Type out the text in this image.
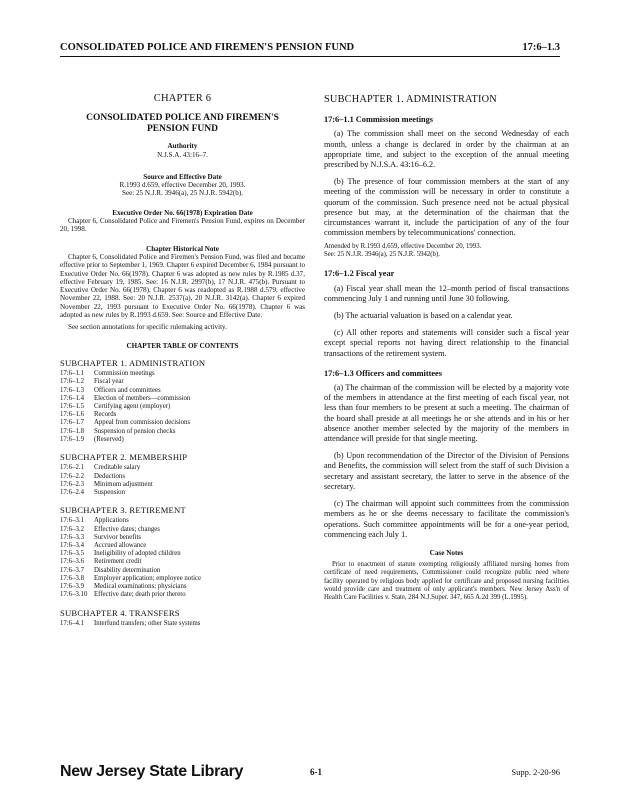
CONSOLIDATED POLICE AND FIREMEN'S PENSION FUND	17:6–1.3
CHAPTER 6
CONSOLIDATED POLICE AND FIREMEN'S
PENSION FUND
Authority
N.J.S.A. 43:16–7.
Source and Effective Date
R.1993 d.659, effective December 20, 1993.
See: 25 N.J.R. 3946(a), 25 N.J.R. 5942(b).
Executive Order No. 66(1978) Expiration Date

Chapter 6, Consolidated Police and Firemen's Pension Fund, expires on December 20, 1998.

Chapter Historical Note

Chapter 6, Consolidated Police and Firemen's Pension Fund, was filed and became effective prior to September 1, 1969. Chapter 6 expired December 6, 1984 pursuant to Executive Order No. 66(1978). Chapter 6 was adopted as new rules by R.1985 d.37, effective February 19, 1985. See: 16 N.J.R. 2997(b), 17 N.J.R. 475(b). Pursuant to Executive Order No. 66(1978), Chapter 6 was readopted as R.1988 d.579, effective November 22, 1988. See: 20 N.J.R. 2537(a), 20 N.J.R. 3142(a). Chapter 6 expired November 22, 1993 pursuant to Executive Order No. 66(1978). Chapter 6 was adopted as new rules by R.1993 d.659. See: Source and Effective Date.

See section annotations for specific rulemaking activity.

CHAPTER TABLE OF CONTENTS
SUBCHAPTER 1. ADMINISTRATION
17:6–1.1	Commission meetings
17:6–1.2	Fiscal year
17:6–1.3	Officers and committees
17:6–1.4	Election of members—commission
17:6–1.5	Certifying agent (employer)
17:6–1.6	Records
17:6–1.7	Appeal from commission decisions
17:6–1.8	Suspension of pension checks
17:6–1.9	(Reserved)
SUBCHAPTER 2. MEMBERSHIP
17:6–2.1	Creditable salary
17:6–2.2	Deductions
17:6–2.3	Minimum adjustment
17:6–2.4	Suspension
SUBCHAPTER 3. RETIREMENT
17:6–3.1	Applications
17:6–3.2	Effective dates; changes
17:6–3.3	Survivor benefits
17:6–3.4	Accrued allowance
17:6–3.5	Ineligibility of adopted children
17:6–3.6	Retirement credit
17:6–3.7	Disability determination
17:6–3.8	Employer application; employee notice
17:6–3.9	Medical examinations; physicians
17:6–3.10 Effective date; death prior thereto
SUBCHAPTER 4. TRANSFERS
17:6–4.1	Interfund transfers; other State systems
SUBCHAPTER 1. ADMINISTRATION
17:6–1.1 Commission meetings

(a) The commission shall meet on the second Wednesday of each month, unless a change is declared in order by the chairman at an appropriate time, and subject to the exception of the annual meeting prescribed by N.J.S.A. 43:16–6.2.

(b) The presence of four commission members at the start of any meeting of the commission will be necessary in order to constitute a quorum of the commission. Such presence need not be actual physical presence but may, at the determination of the chairman that the circumstances warrant it, include the participation of any of the four commission members by telecommunications' connection.

Amended by R.1993 d.659, effective December 20, 1993.
See: 25 N.J.R. 3946(a), 25 N.J.R. 5942(b).
17:6–1.2 Fiscal year

(a) Fiscal year shall mean the 12–month period of fiscal transactions commencing July 1 and running until June 30 following.

(b) The actuarial valuation is based on a calendar year.

(c) All other reports and statements will consider such a fiscal year except special reports not having direct relationship to the financial transactions of the retirement system.

17:6–1.3 Officers and committees

(a) The chairman of the commission will be elected by a majority vote of the members in attendance at the first meeting of each fiscal year, not less than four members to be present at such a meeting. The chairman of the board shall preside at all meetings he or she attends and in his or her absence another member selected by the majority of the members in attendance will preside for that single meeting.

(b) Upon recommendation of the Director of the Division of Pensions and Benefits, the commission will select from the staff of such Division a secretary and assistant secretary, the latter to serve in the absence of the secretary.

(c) The chairman will appoint such committees from the commission members as he or she deems necessary to facilitate the commission's operations. Such committee appointments will be for a one-year period, commencing each July 1.

Case Notes

Prior to enactment of statute exempting religiously affiliated nursing homes from certificate of need requirements, Commissioner could recognize public need where facility operated by religious body applied for certificate and proposed nursing facilities would provide care and treatment of only applicant's members. New Jersey Ass'n of Health Care Facilities v. State, 284 N.J.Super. 347, 665 A.2d 399 (L.1995).

New Jersey State Library	6-1	Supp. 2-20-96
